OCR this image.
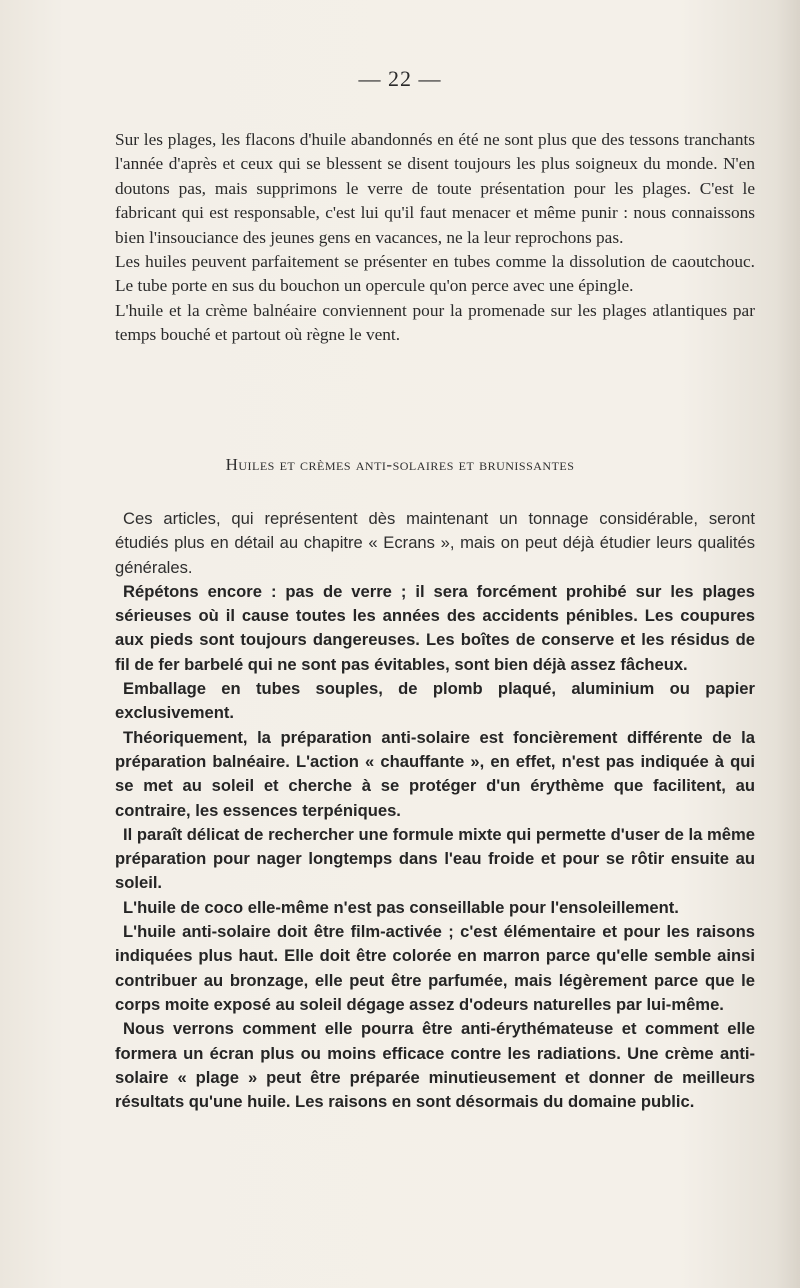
— 22 —

Sur les plages, les flacons d'huile abandonnés en été ne sont plus que des tessons tranchants l'année d'après et ceux qui se blessent se disent toujours les plus soigneux du monde. N'en doutons pas, mais supprimons le verre de toute présentation pour les plages. C'est le fabricant qui est responsable, c'est lui qu'il faut menacer et même punir : nous connaissons bien l'insouciance des jeunes gens en vacances, ne la leur reprochons pas.

Les huiles peuvent parfaitement se présenter en tubes comme la dissolution de caoutchouc. Le tube porte en sus du bouchon un opercule qu'on perce avec une épingle.

L'huile et la crème balnéaire conviennent pour la promenade sur les plages atlantiques par temps bouché et partout où règne le vent.

Huiles et crèmes anti-solaires et brunissantes

Ces articles, qui représentent dès maintenant un tonnage considérable, seront étudiés plus en détail au chapitre « Ecrans », mais on peut déjà étudier leurs qualités générales.

Répétons encore : pas de verre ; il sera forcément prohibé sur les plages sérieuses où il cause toutes les années des accidents pénibles. Les coupures aux pieds sont toujours dangereuses. Les boîtes de conserve et les résidus de fil de fer barbelé qui ne sont pas évitables, sont bien déjà assez fâcheux.

Emballage en tubes souples, de plomb plaqué, aluminium ou papier exclusivement.

Théoriquement, la préparation anti-solaire est foncièrement différente de la préparation balnéaire. L'action « chauffante », en effet, n'est pas indiquée à qui se met au soleil et cherche à se protéger d'un érythème que facilitent, au contraire, les essences terpéniques.

Il paraît délicat de rechercher une formule mixte qui permette d'user de la même préparation pour nager longtemps dans l'eau froide et pour se rôtir ensuite au soleil.

L'huile de coco elle-même n'est pas conseillable pour l'ensoleillement.

L'huile anti-solaire doit être film-activée ; c'est élémentaire et pour les raisons indiquées plus haut. Elle doit être colorée en marron parce qu'elle semble ainsi contribuer au bronzage, elle peut être parfumée, mais légèrement parce que le corps moite exposé au soleil dégage assez d'odeurs naturelles par lui-même.

Nous verrons comment elle pourra être anti-érythémateuse et comment elle formera un écran plus ou moins efficace contre les radiations. Une crème anti-solaire « plage » peut être préparée minutieusement et donner de meilleurs résultats qu'une huile. Les raisons en sont désormais du domaine public.
